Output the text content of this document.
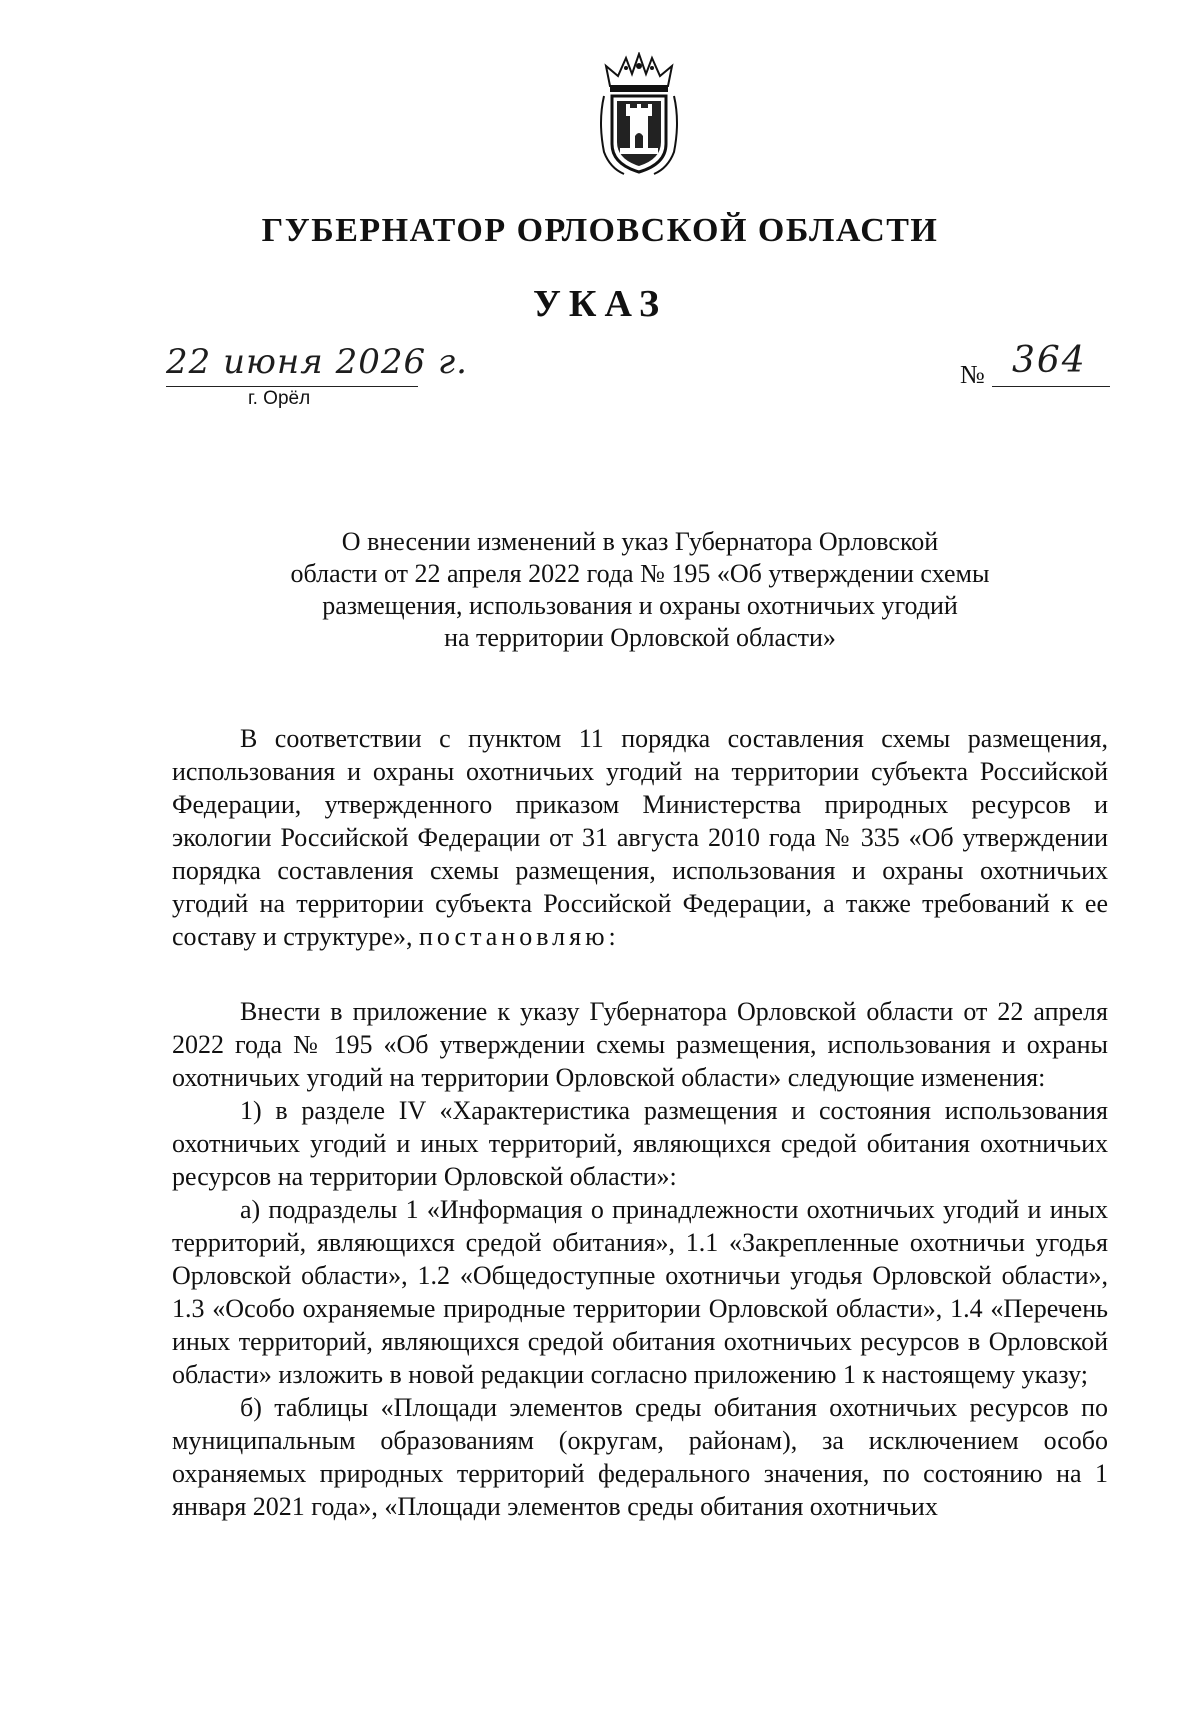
ГУБЕРНАТОР ОРЛОВСКОЙ ОБЛАСТИ
УКАЗ
22 июня 2026 г.
г. Орёл
№ 364
О внесении изменений в указ Губернатора Орловской
области от 22 апреля 2022 года № 195 «Об утверждении схемы
размещения, использования и охраны охотничьих угодий
на территории Орловской области»

В соответствии с пунктом 11 порядка составления схемы размещения, использования и охраны охотничьих угодий на территории субъекта Российской Федерации, утвержденного приказом Министерства природных ресурсов и экологии Российской Федерации от 31 августа 2010 года № 335 «Об утверждении порядка составления схемы размещения, использования и охраны охотничьих угодий на территории субъекта Российской Федерации, а также требований к ее составу и структуре», постановляю:

Внести в приложение к указу Губернатора Орловской области от 22 апреля 2022 года № 195 «Об утверждении схемы размещения, использования и охраны охотничьих угодий на территории Орловской области» следующие изменения:

1) в разделе IV «Характеристика размещения и состояния использования охотничьих угодий и иных территорий, являющихся средой обитания охотничьих ресурсов на территории Орловской области»:

а) подразделы 1 «Информация о принадлежности охотничьих угодий и иных территорий, являющихся средой обитания», 1.1 «Закрепленные охотничьи угодья Орловской области», 1.2 «Общедоступные охотничьи угодья Орловской области», 1.3 «Особо охраняемые природные территории Орловской области», 1.4 «Перечень иных территорий, являющихся средой обитания охотничьих ресурсов в Орловской области» изложить в новой редакции согласно приложению 1 к настоящему указу;

б) таблицы «Площади элементов среды обитания охотничьих ресурсов по муниципальным образованиям (округам, районам), за исключением особо охраняемых природных территорий федерального значения, по состоянию на 1 января 2021 года», «Площади элементов среды обитания охотничьих
